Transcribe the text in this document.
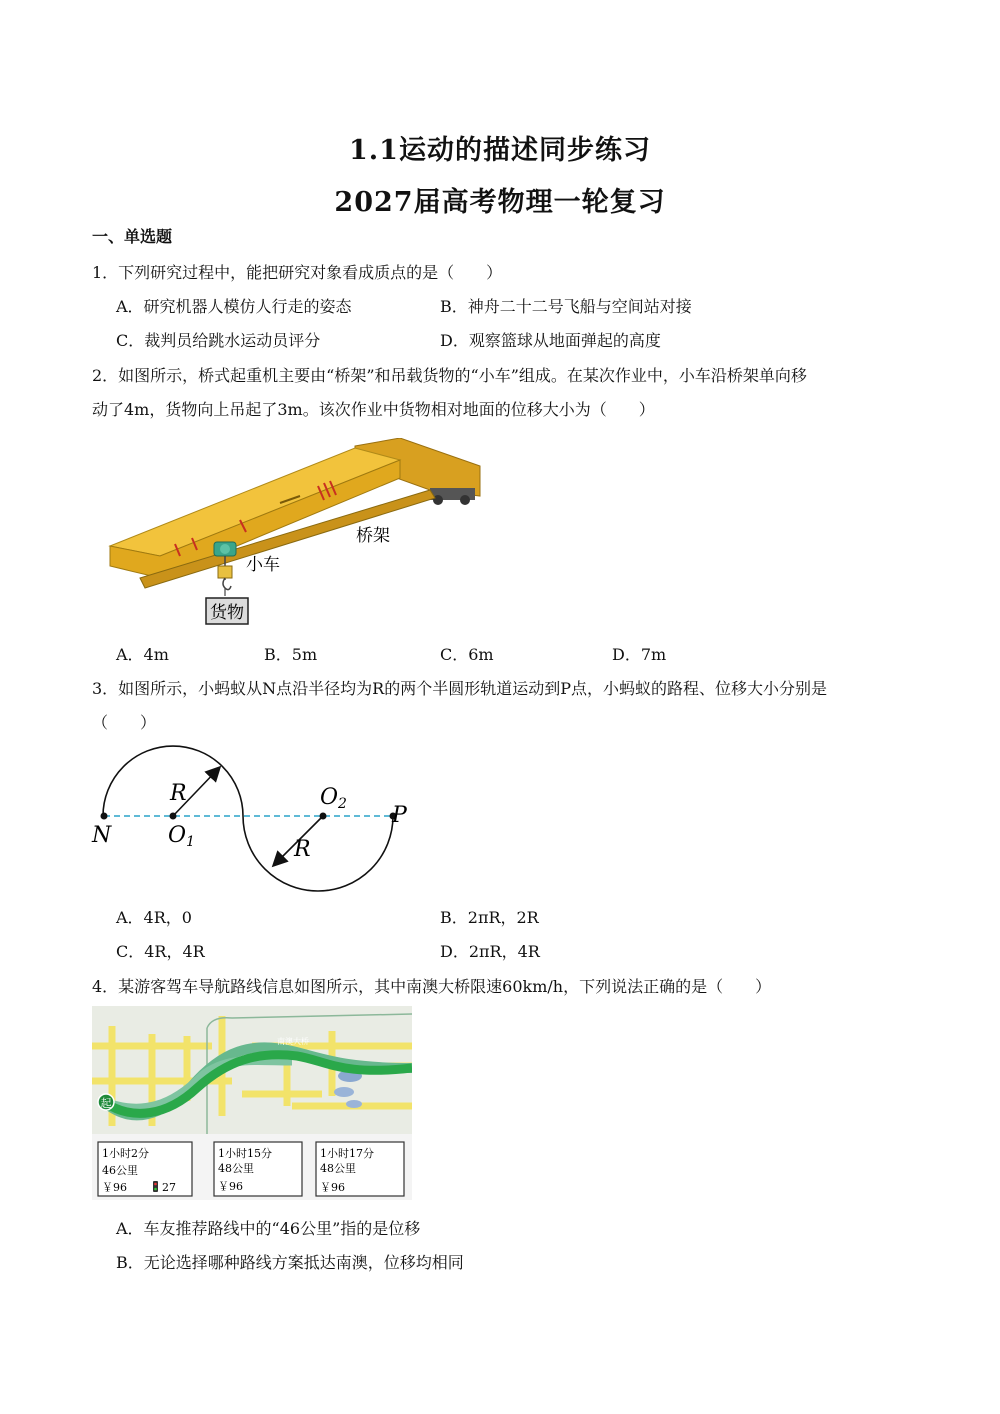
1.1运动的描述同步练习
2027届高考物理一轮复习
一、单选题
1．下列研究过程中，能把研究对象看成质点的是（　　）
A．研究机器人模仿人行走的姿态	B．神舟二十二号飞船与空间站对接
C．裁判员给跳水运动员评分	D．观察篮球从地面弹起的高度
2．如图所示，桥式起重机主要由“桥架”和吊载货物的“小车”组成。在某次作业中，小车沿桥架单向移
动了4m，货物向上吊起了3m。该次作业中货物相对地面的位移大小为（　　）
货物
小车
桥架
A．4m	B．5m	C．6m	D．7m
3．如图所示，小蚂蚁从N点沿半径均为R的两个半圆形轨道运动到P点，小蚂蚁的路程、位移大小分别是
（　　）
N
P
R
R
O1
O2
A．4R，0	B．2πR，2R
C．4R，4R	D．2πR，4R
4．某游客驾车导航路线信息如图所示，其中南澳大桥限速60km/h，下列说法正确的是（　　）
起
南澳大桥
1小时2分
46公里
￥96	27
1小时15分
48公里
￥96
1小时17分
48公里
￥96
A．车友推荐路线中的“46公里”指的是位移
B．无论选择哪种路线方案抵达南澳，位移均相同
